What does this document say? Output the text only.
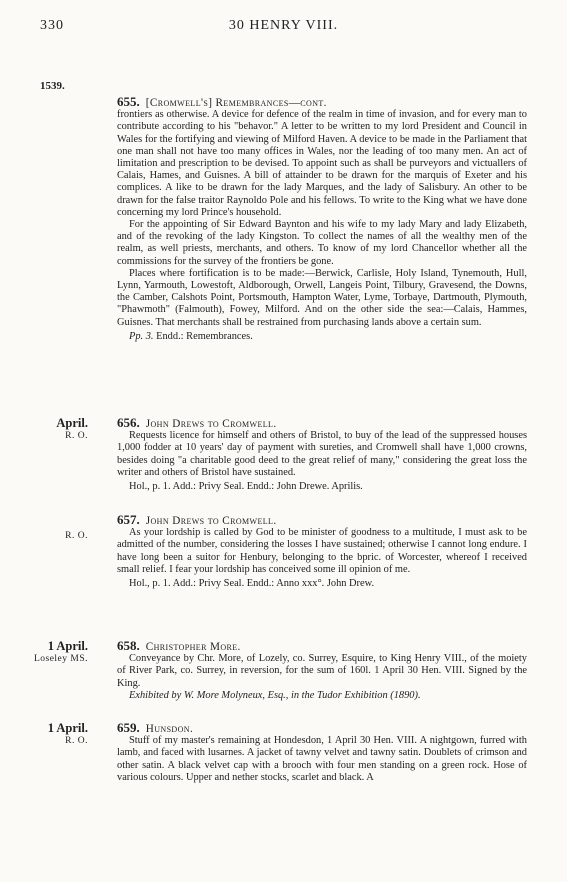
330	30 HENRY VIII.
1539.
655. [Cromwell's] Remembrances—cont.

frontiers as otherwise. A device for defence of the realm in time of invasion, and for every man to contribute according to his "behavor." A letter to be written to my lord President and Council in Wales for the fortifying and viewing of Milford Haven. A device to be made in the Parliament that one man shall not have too many offices in Wales, nor the leading of too many men. An act of limitation and prescription to be devised. To appoint such as shall be purveyors and victuallers of Calais, Hames, and Guisnes. A bill of attainder to be drawn for the marquis of Exeter and his complices. A like to be drawn for the lady Marques, and the lady of Salisbury. An other to be drawn for the false traitor Raynoldo Pole and his fellows. To write to the King what we have done concerning my lord Prince's household.

For the appointing of Sir Edward Baynton and his wife to my lady Mary and lady Elizabeth, and of the revoking of the lady Kingston. To collect the names of all the wealthy men of the realm, as well priests, merchants, and others. To know of my lord Chancellor whether all the commissions for the survey of the frontiers be gone.

Places where fortification is to be made:—Berwick, Carlisle, Holy Island, Tynemouth, Hull, Lynn, Yarmouth, Lowestoft, Aldborough, Orwell, Langeis Point, Tilbury, Gravesend, the Downs, the Camber, Calshots Point, Portsmouth, Hampton Water, Lyme, Torbaye, Dartmouth, Plymouth, "Phawmoth" (Falmouth), Fowey, Milford. And on the other side the sea:—Calais, Hammes, Guisnes. That merchants shall be restrained from purchasing lands above a certain sum.

Pp. 3. Endd.: Remembrances.

April.
R. O.
656. John Drews to Cromwell.

Requests licence for himself and others of Bristol, to buy of the lead of the suppressed houses 1,000 fodder at 10 years' day of payment with sureties, and Cromwell shall have 1,000 crowns, besides doing "a charitable good deed to the great relief of many," considering the great loss the writer and others of Bristol have sustained.

Hol., p. 1. Add.: Privy Seal. Endd.: John Drewe. Aprilis.

R. O.
657. John Drews to Cromwell.

As your lordship is called by God to be minister of goodness to a multitude, I must ask to be admitted of the number, considering the losses I have sustained; otherwise I cannot long endure. I have long been a suitor for Henbury, belonging to the bpric. of Worcester, whereof I received small relief. I fear your lordship has conceived some ill opinion of me.

Hol., p. 1. Add.: Privy Seal. Endd.: Anno xxx°. John Drew.

1 April.
Loseley MS.
658. Christopher More.

Conveyance by Chr. More, of Lozely, co. Surrey, Esquire, to King Henry VIII., of the moiety of River Park, co. Surrey, in reversion, for the sum of 160l. 1 April 30 Hen. VIII. Signed by the King.

Exhibited by W. More Molyneux, Esq., in the Tudor Exhibition (1890).

1 April.
R. O.
659. Hunsdon.

Stuff of my master's remaining at Hondesdon, 1 April 30 Hen. VIII. A nightgown, furred with lamb, and faced with lusarnes. A jacket of tawny velvet and tawny satin. Doublets of crimson and other satin. A black velvet cap with a brooch with four men standing on a green rock. Hose of various colours. Upper and nether stocks, scarlet and black. A
